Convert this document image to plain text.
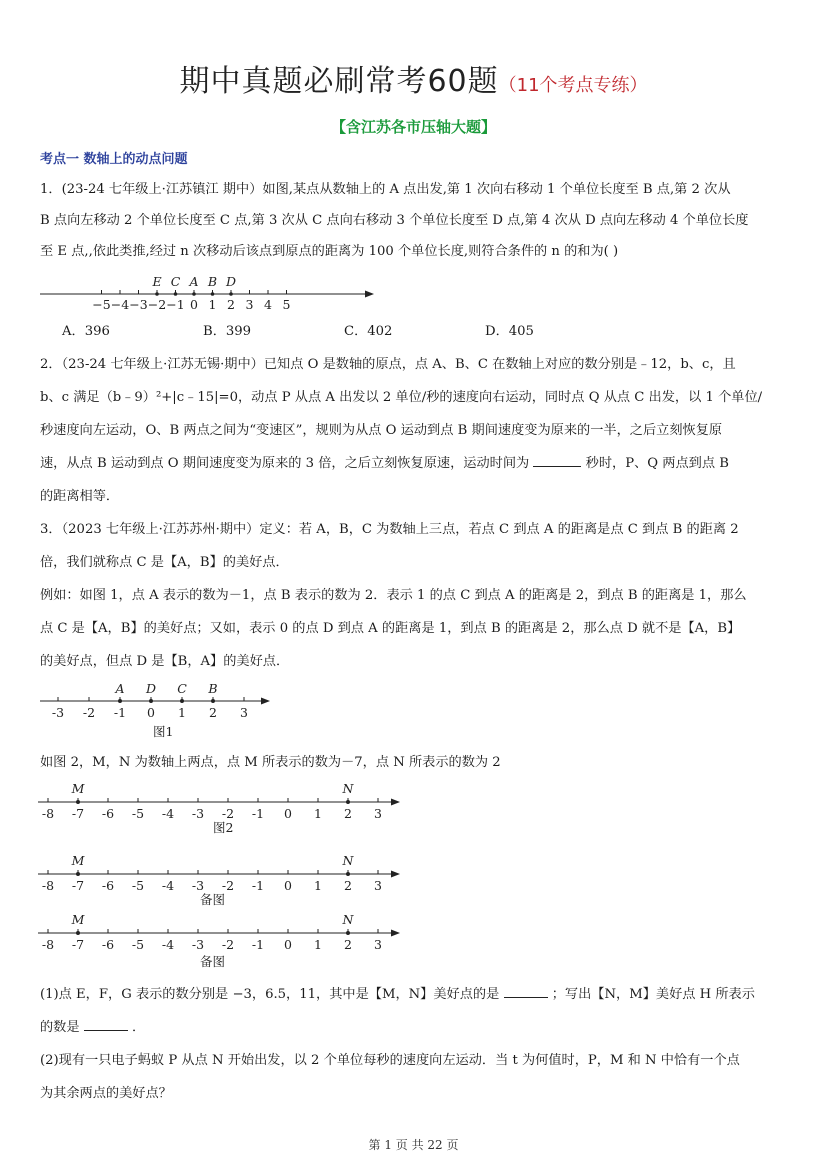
期中真题必刷常考60题（11个考点专练）
【含江苏各市压轴大题】
考点一 数轴上的动点问题
1．(23-24 七年级上·江苏镇江 期中）如图,某点从数轴上的 A 点出发,第 1 次向右移动 1 个单位长度至 B 点,第 2 次从
B 点向左移动 2 个单位长度至 C 点,第 3 次从 C 点向右移动 3 个单位长度至 D 点,第 4 次从 D 点向左移动 4 个单位长度
至 E 点,,依此类推,经过 n 次移动后该点到原点的距离为 100 个单位长度,则符合条件的 n 的和为( )
−5 −4 −3 −2 −1 0 1 2 3 4 5
E C A B D
A．396	B．399	C．402	D．405
2．（23-24 七年级上·江苏无锡·期中）已知点 O 是数轴的原点，点 A、B、C 在数轴上对应的数分别是﹣12，b、c，且
b、c 满足（b﹣9）²+|c﹣15|=0，动点 P 从点 A 出发以 2 单位/秒的速度向右运动，同时点 Q 从点 C 出发，以 1 个单位/
秒速度向左运动，O、B 两点之间为“变速区”，规则为从点 O 运动到点 B 期间速度变为原来的一半，之后立刻恢复原
速，从点 B 运动到点 O 期间速度变为原来的 3 倍，之后立刻恢复原速，运动时间为	秒时，P、Q 两点到点 B
的距离相等．
3．（2023 七年级上·江苏苏州·期中）定义：若 A，B，C 为数轴上三点，若点 C 到点 A 的距离是点 C 到点 B 的距离 2
倍，我们就称点 C 是【A，B】的美好点．
例如：如图 1，点 A 表示的数为－1，点 B 表示的数为 2．表示 1 的点 C 到点 A 的距离是 2，到点 B 的距离是 1，那么
点 C 是【A，B】的美好点；又如，表示 0 的点 D 到点 A 的距离是 1，到点 B 的距离是 2，那么点 D 就不是【A，B】
的美好点，但点 D 是【B，A】的美好点．
-3 -2 -1 0 1 2 3
A D C B
图1
如图 2，M，N 为数轴上两点，点 M 所表示的数为－7，点 N 所表示的数为 2
-8 -7 -6 -5 -4 -3 -2 -1 0 1 2 3
M	N
图2
-8 -7 -6 -5 -4 -3 -2 -1 0 1 2 3
M	N
备图
-8 -7 -6 -5 -4 -3 -2 -1 0 1 2 3
M	N
备图
(1)点 E，F，G 表示的数分别是 −3，6.5，11，其中是【M，N】美好点的是	；写出【N，M】美好点 H 所表示
的数是	．
(2)现有一只电子蚂蚁 P 从点 N 开始出发，以 2 个单位每秒的速度向左运动．当 t 为何值时，P，M 和 N 中恰有一个点
为其余两点的美好点？
第 1 页 共 22 页
